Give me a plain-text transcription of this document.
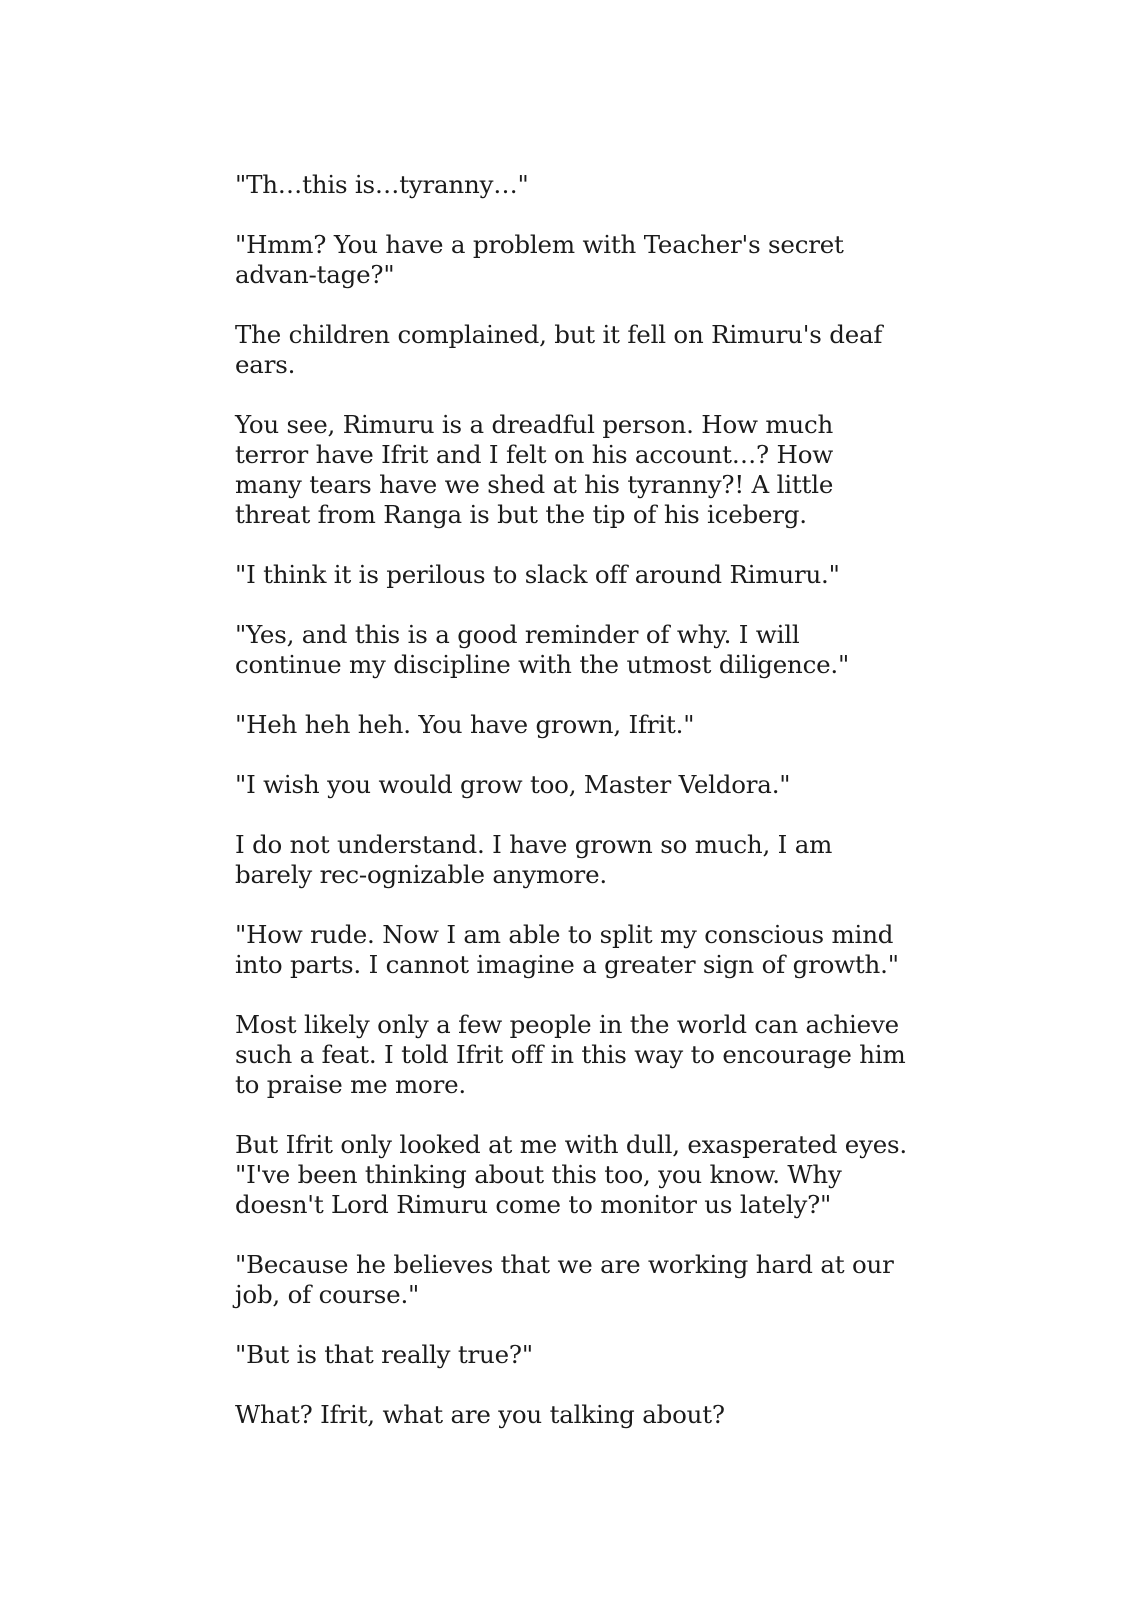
"Th…this is…tyranny…"

"Hmm? You have a problem with Teacher's secret advan-tage?"

The children complained, but it fell on Rimuru's deaf ears.

You see, Rimuru is a dreadful person. How much terror have Ifrit and I felt on his account…? How many tears have we shed at his tyranny?! A little threat from Ranga is but the tip of his iceberg.

"I think it is perilous to slack off around Rimuru."

"Yes, and this is a good reminder of why. I will continue my discipline with the utmost diligence."

"Heh heh heh. You have grown, Ifrit."

"I wish you would grow too, Master Veldora."

I do not understand. I have grown so much, I am barely rec-ognizable anymore.

"How rude. Now I am able to split my conscious mind into parts. I cannot imagine a greater sign of growth."

Most likely only a few people in the world can achieve such a feat. I told Ifrit off in this way to encourage him to praise me more.

But Ifrit only looked at me with dull, exasperated eyes. "I've been thinking about this too, you know. Why doesn't Lord Rimuru come to monitor us lately?"

"Because he believes that we are working hard at our job, of course."

"But is that really true?"

What? Ifrit, what are you talking about?
